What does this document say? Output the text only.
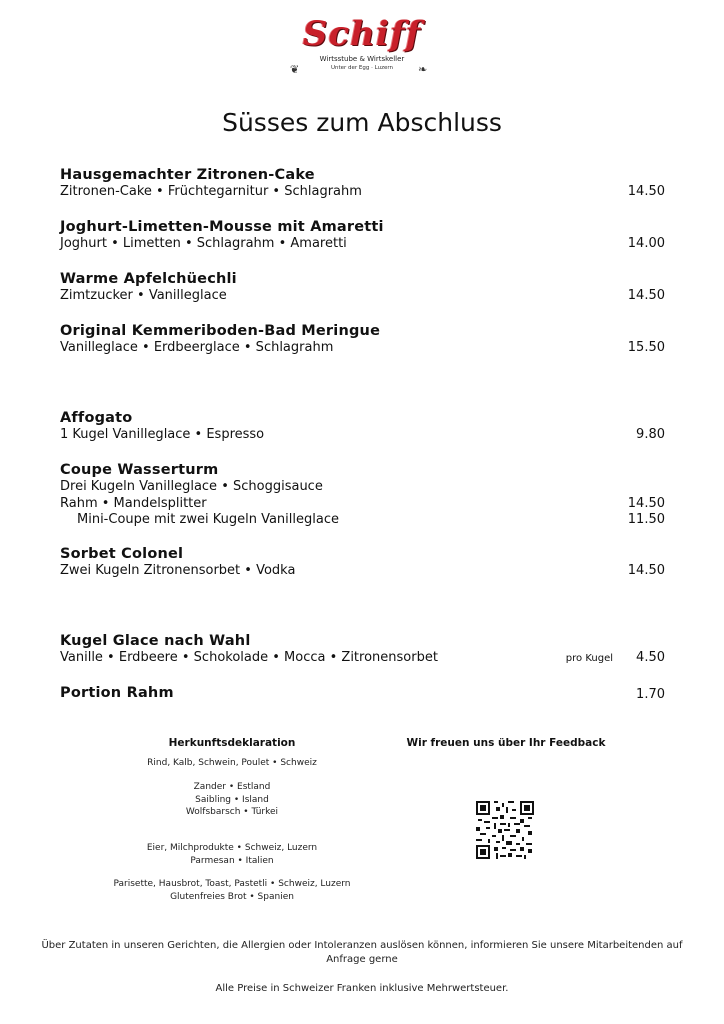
Schiff
Wirtsstube & Wirtskeller
Unter der Egg · Luzern
❦	❧
Süsses zum Abschluss
Hausgemachter Zitronen-Cake
Zitronen-Cake • Früchtegarnitur • Schlagrahm	14.50
Joghurt-Limetten-Mousse mit Amaretti
Joghurt • Limetten • Schlagrahm • Amaretti	14.00
Warme Apfelchüechli
Zimtzucker • Vanilleglace	14.50
Original Kemmeriboden-Bad Meringue
Vanilleglace • Erdbeerglace • Schlagrahm	15.50
Affogato
1 Kugel Vanilleglace • Espresso	9.80
Coupe Wasserturm
Drei Kugeln Vanilleglace • Schoggisauce
Rahm • Mandelsplitter	14.50
Mini-Coupe mit zwei Kugeln Vanilleglace	11.50
Sorbet Colonel
Zwei Kugeln Zitronensorbet • Vodka	14.50
Kugel Glace nach Wahl
Vanille • Erdbeere • Schokolade • Mocca • Zitronensorbet	pro Kugel 4.50
Portion Rahm	1.70
Herkunftsdeklaration
Rind, Kalb, Schwein, Poulet • Schweiz
Zander • Estland
Saibling • Island
Wolfsbarsch • Türkei
Eier, Milchprodukte • Schweiz, Luzern
Parmesan • Italien
Parisette, Hausbrot, Toast, Pastetli • Schweiz, Luzern
Glutenfreies Brot • Spanien
Wir freuen uns über Ihr Feedback
Über Zutaten in unseren Gerichten, die Allergien oder Intoleranzen auslösen können, informieren Sie unsere Mitarbeitenden auf Anfrage gerne
Alle Preise in Schweizer Franken inklusive Mehrwertsteuer.
